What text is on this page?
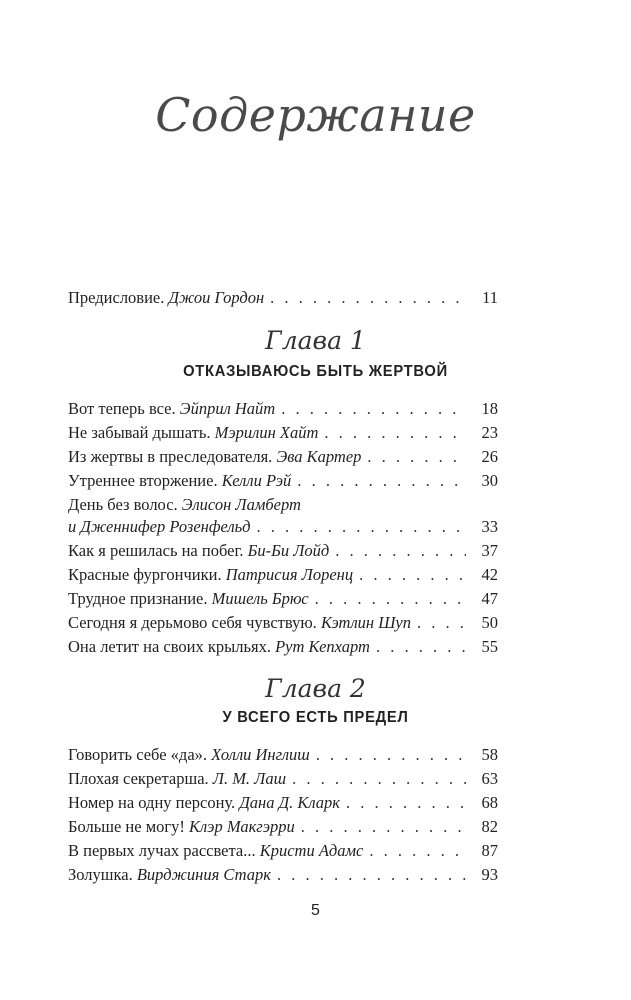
Содержание
Предисловие. Джои Гордон . . .	11
Глава 1
ОТКАЗЫВАЮСЬ БЫТЬ ЖЕРТВОЙ
Вот теперь все. Эйприл Найт . . .	18
Не забывай дышать. Мэрилин Хайт . . .	23
Из жертвы в преследователя. Эва Картер . . .	26
Утреннее вторжение. Келли Рэй . . .	30
День без волос. Элисон Ламберт
и Дженнифер Розенфельд . . .	33
Как я решилась на побег. Би-Би Лойд . . .	37
Красные фургончики. Патрисия Лоренц . . .	42
Трудное признание. Мишель Брюс . . .	47
Сегодня я дерьмово себя чувствую. Кэтлин Шуп . . .	50
Она летит на своих крыльях. Рут Кепхарт . . .	55
Глава 2
У ВСЕГО ЕСТЬ ПРЕДЕЛ
Говорить себе «да». Холли Инглиш . . .	58
Плохая секретарша. Л. М. Лаш . . .	63
Номер на одну персону. Дана Д. Кларк . . .	68
Больше не могу! Клэр Макгэрри . . .	82
В первых лучах рассвета... Кристи Адамс . . .	87
Золушка. Вирджиния Старк . . .	93
5
